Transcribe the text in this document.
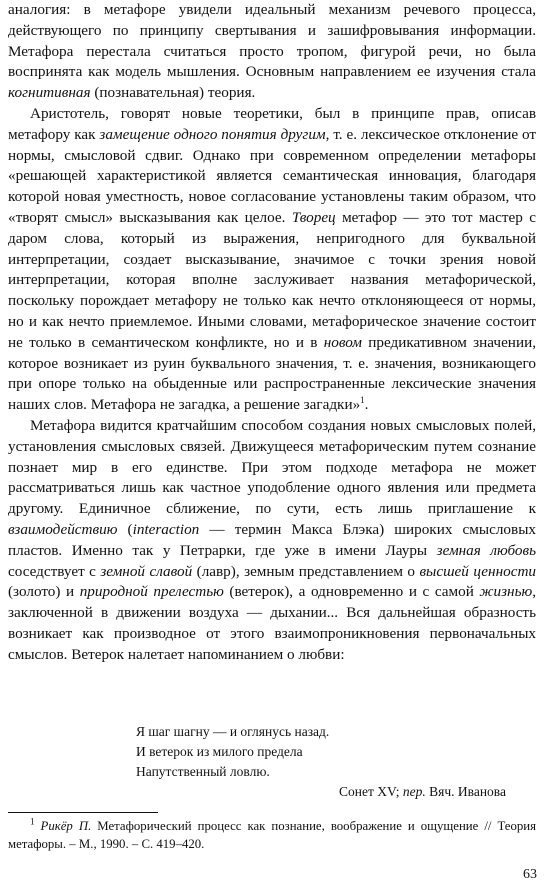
аналогия: в метафоре увидели идеальный механизм речевого процесса, действующего по принципу свертывания и зашифровывания информации. Метафора перестала считаться просто тропом, фигурой речи, но была воспринята как модель мышления. Основным направлением ее изучения стала когнитивная (познавательная) теория.

Аристотель, говорят новые теоретики, был в принципе прав, описав метафору как замещение одного понятия другим, т. е. лексическое отклонение от нормы, смысловой сдвиг. Однако при современном определении метафоры «решающей характеристикой является семантическая инновация, благодаря которой новая уместность, новое согласование установлены таким образом, что «творят смысл» высказывания как целое. Творец метафор — это тот мастер с даром слова, который из выражения, непригодного для буквальной интерпретации, создает высказывание, значимое с точки зрения новой интерпретации, которая вполне заслуживает названия метафорической, поскольку порождает метафору не только как нечто отклоняющееся от нормы, но и как нечто приемлемое. Иными словами, метафорическое значение состоит не только в семантическом конфликте, но и в новом предикативном значении, которое возникает из руин буквального значения, т. е. значения, возникающего при опоре только на обыденные или распространенные лексические значения наших слов. Метафора не загадка, а решение загадки»$^1$.

Метафора видится кратчайшим способом создания новых смысловых полей, установления смысловых связей. Движущееся метафорическим путем сознание познает мир в его единстве. При этом подходе метафора не может рассматриваться лишь как частное уподобление одного явления или предмета другому. Единичное сближение, по сути, есть лишь приглашение к взаимодействию (interaction — термин Макса Блэка) широких смысловых пластов. Именно так у Петрарки, где уже в имени Лауры земная любовь соседствует с земной славой (лавр), земным представлением о высшей ценности (золото) и природной прелестью (ветерок), а одновременно и с самой жизнью, заключенной в движении воздуха — дыхании... Вся дальнейшая образность возникает как производное от этого взаимопроникновения первоначальных смыслов. Ветерок налетает напоминанием о любви:

Я шаг шагну — и оглянусь назад.
И ветерок из милого предела
Напутственный ловлю.
Сонет XV; пер. Вяч. Иванова
$^1$ Рикёр П. Метафорический процесс как познание, воображение и ощущение // Теория метафоры. – М., 1990. – С. 419–420.
63
